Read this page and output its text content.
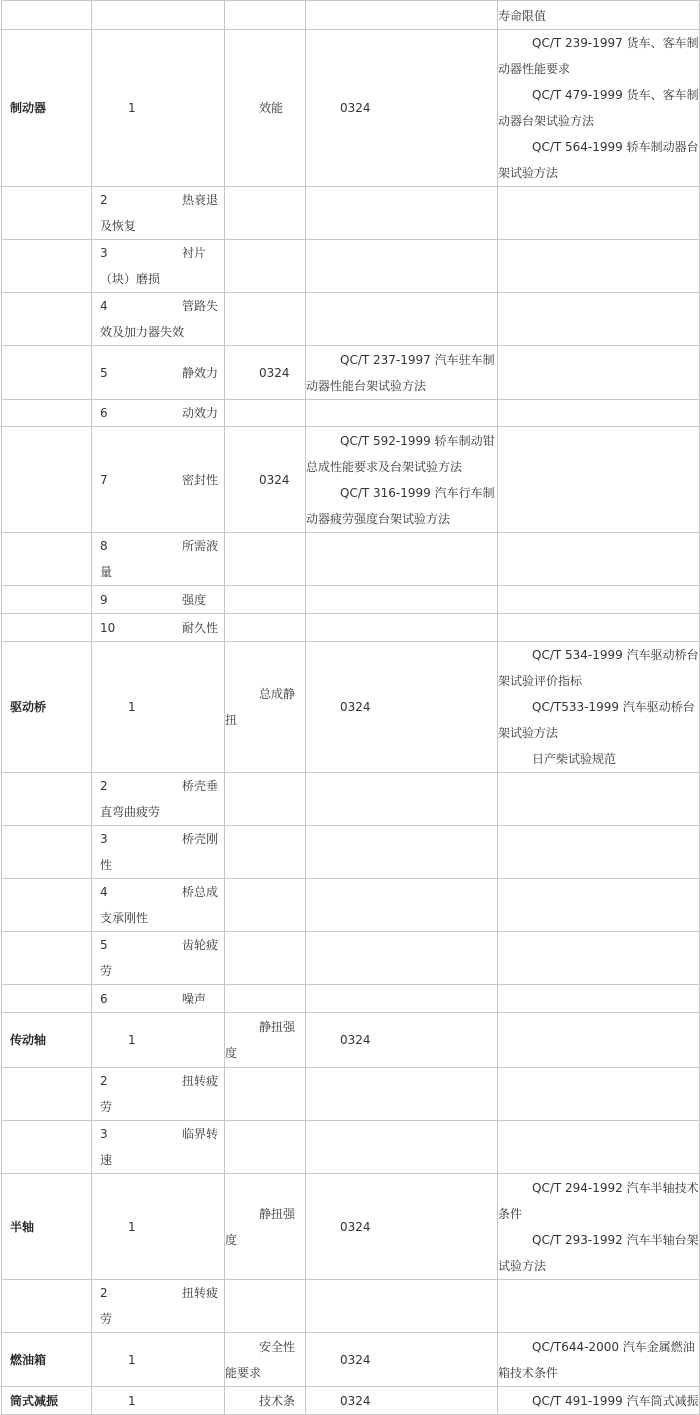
				寿命限值

制动器	1	效能	0324	QC/T 239-1997 货车、客车制动器性能要求
QC/T 479-1999 货车、客车制动器台架试验方法
QC/T 564-1999 轿车制动器台架试验方法

	2 热衰退及恢复	

	3 衬片（块）磨损	

	4 管路失效及加力器失效	

	5 静效力	0324	QC/T 237-1997 汽车驻车制动器性能台架试验方法	

	6 动效力	

	7 密封性	0324	QC/T 592-1999 轿车制动钳总成性能要求及台架试验方法
QC/T 316-1999 汽车行车制动器疲劳强度台架试验方法	

	8 所需液量	

	9 强度	

	10 耐久性	

驱动桥	1	总成静扭	0324	QC/T 534-1999 汽车驱动桥台架试验评价指标
QC/T533-1999 汽车驱动桥台架试验方法
日产柴试验规范

	2 桥壳垂直弯曲疲劳	

	3 桥壳刚性	

	4 桥总成支承刚性	

	5 齿轮疲劳	

	6 噪声	

传动轴	1	静扭强度	0324	

	2 扭转疲劳	

	3 临界转速	

半轴	1	静扭强度	0324	QC/T 294-1992 汽车半轴技术条件
QC/T 293-1992 汽车半轴台架试验方法

	2 扭转疲劳	

燃油箱	1	安全性能要求	0324	QC/T644-2000 汽车金属燃油箱技术条件

筒式减振	1	技术条	0324	QC/T 491-1999 汽车筒式减振
